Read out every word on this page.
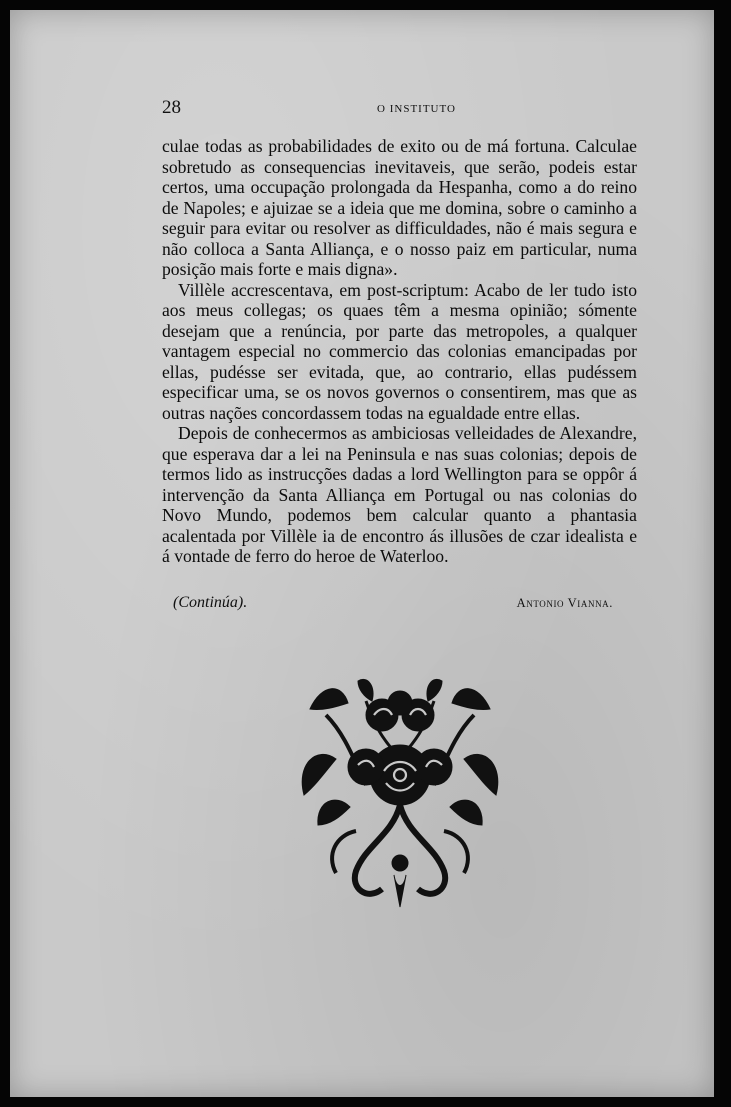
28	O INSTITUTO

culae todas as probabilidades de exito ou de má fortuna. Calculae sobretudo as consequencias inevitaveis, que serão, podeis estar certos, uma occupação prolongada da Hespanha, como a do reino de Napoles; e ajuizae se a ideia que me domina, sobre o caminho a seguir para evitar ou resolver as difficuldades, não é mais segura e não colloca a Santa Alliança, e o nosso paiz em particular, numa posição mais forte e mais digna».

Villèle accrescentava, em post-scriptum: Acabo de ler tudo isto aos meus collegas; os quaes têm a mesma opinião; sómente desejam que a renúncia, por parte das metropoles, a qualquer vantagem especial no commercio das colonias emancipadas por ellas, pudésse ser evitada, que, ao contrario, ellas pudéssem especificar uma, se os novos governos o consentirem, mas que as outras nações concordassem todas na egualdade entre ellas.

Depois de conhecermos as ambiciosas velleidades de Alexandre, que esperava dar a lei na Peninsula e nas suas colonias; depois de termos lido as instrucções dadas a lord Wellington para se oppôr á intervenção da Santa Alliança em Portugal ou nas colonias do Novo Mundo, podemos bem calcular quanto a phantasia acalentada por Villèle ia de encontro ás illusões de czar idealista e á vontade de ferro do heroe de Waterloo.

(Continúa).	Antonio Vianna.
